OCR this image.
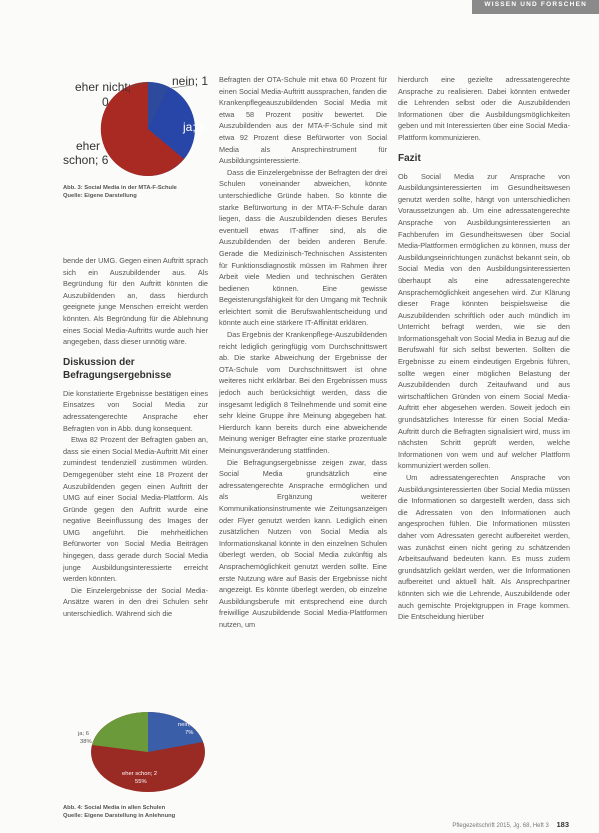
WISSEN UND FORSCHEN
eher nicht;
0
nein; 1
ja; 6
eher
schon; 6
Abb. 3: Social Media in der MTA-F-Schule
Quelle: Eigene Darstellung

bende der UMG. Gegen einen Auftritt sprach sich ein Auszubildender aus. Als Begründung für den Auftritt könnten die Auszubildenden an, dass hierdurch geeignete junge Menschen erreicht werden könnten. Als Begründung für die Ablehnung eines Social Media-Auftritts wurde auch hier angegeben, dass dieser unnötig wäre.

Diskussion der Befragungsergebnisse

Die konstatierte Ergebnisse bestätigen eines Einsatzes von Social Media zur adressatengerechte Ansprache eher Befragten von in Abb. dung konsequent.

Etwa 82 Prozent der Befragten gaben an, dass sie einen Social Media-Auftritt Mit einer zumindest tendenziell zustimmen würden. Demgegenüber steht eine 18 Prozent der Auszubildenden gegen einen Auftritt der UMG auf einer Social Media-Plattform. Als Gründe gegen den Auftritt wurde eine negative Beeinflussung des Images der UMG angeführt. Die mehrheitlichen Befürworter von Social Media Beiträgen hingegen, dass gerade durch Social Media junge Ausbildungsinteressierte erreicht werden könnten.

Die Einzelergebnisse der Social Media-Ansätze waren in den drei Schulen sehr unterschiedlich. Während sich die

nein; 1
7%
ja; 6
38%
eher schon; 2
55%
Abb. 4: Social Media in allen Schulen
Quelle: Eigene Darstellung in Anlehnung

Befragten der OTA-Schule mit etwa 60 Prozent für einen Social Media-Auftritt aussprachen, fanden die Krankenpflegeauszubildenden Social Media mit etwa 58 Prozent positiv bewertet. Die Auszubildenden aus der MTA-F-Schule sind mit etwa 92 Prozent diese Befürworter von Social Media als Ansprechinstrument für Ausbildungsinteressierte.

Dass die Einzelergebnisse der Befragten der drei Schulen voneinander abweichen, könnte unterschiedliche Gründe haben. So könnte die starke Befürwortung in der MTA-F-Schule daran liegen, dass die Auszubildenden dieses Berufes eventuell etwas IT-affiner sind, als die Auszubildenden der beiden anderen Berufe. Gerade die Medizinisch-Technischen Assistenten für Funktionsdiagnostik müssen im Rahmen ihrer Arbeit viele Medien und technischen Geräten bedienen können. Eine gewisse Begeisterungsfähigkeit für den Umgang mit Technik erleichtert somit die Berufswahlentscheidung und könnte auch eine stärkere IT-Affinität erklären.

Das Ergebnis der Krankenpflege-Auszubildenden reicht lediglich geringfügig vom Durchschnittswert ab. Die starke Abweichung der Ergebnisse der OTA-Schule vom Durchschnittswert ist ohne weiteres nicht erklärbar. Bei den Ergebnissen muss jedoch auch berücksichtigt werden, dass die insgesamt lediglich 8 Teilnehmende und somit eine sehr kleine Gruppe ihre Meinung abgegeben hat. Hierdurch kann bereits durch eine abweichende Meinung weniger Befragter eine starke prozentuale Meinungsveränderung stattfinden.

Die Befragungsergebnisse zeigen zwar, dass Social Media grundsätzlich eine adressatengerechte Ansprache ermöglichen und als Ergänzung weiterer Kommunikationsinstrumente wie Zeitungsanzeigen oder Flyer genutzt werden kann. Lediglich einen zusätzlichen Nutzen von Social Media als Informationskanal könnte in den einzelnen Schulen überlegt werden, ob Social Media zukünftig als Ansprachemöglichkeit genutzt werden sollte. Eine erste Nutzung wäre auf Basis der Ergebnisse nicht angezeigt. Es könnte überlegt werden, ob einzelne Ausbildungsberufe mit entsprechend eine durch freiwillige Auszubildende Social Media-Plattformen nutzen, um

hierdurch eine gezielte adressatengerechte Ansprache zu realisieren. Dabei könnten entweder die Lehrenden selbst oder die Auszubildenden Informationen über die Ausbildungsmöglichkeiten geben und mit Interessierten über eine Social Media-Plattform kommunizieren.

Fazit

Ob Social Media zur Ansprache von Ausbildungsinteressierten im Gesundheitswesen genutzt werden sollte, hängt von unterschiedlichen Voraussetzungen ab. Um eine adressatengerechte Ansprache von Ausbildungsinteressierten an Fachberufen im Gesundheitswesen über Social Media-Plattformen ermöglichen zu können, muss der Ausbildungseinrichtungen zunächst bekannt sein, ob Social Media von den Ausbildungsinteressierten überhaupt als eine adressatengerechte Ansprachemöglichkeit angesehen wird. Zur Klärung dieser Frage könnten beispielsweise die Auszubildenden schriftlich oder auch mündlich im Unterricht befragt werden, wie sie den Informationsgehalt von Social Media in Bezug auf die Berufswahl für sich selbst bewerten. Sollten die Ergebnisse zu einem eindeutigen Ergebnis führen, sollte wegen einer möglichen Belastung der Auszubildenden durch Zeitaufwand und aus wirtschaftlichen Gründen von einem Social Media-Auftritt eher abgesehen werden. Soweit jedoch ein grundsätzliches Interesse für einen Social Media-Auftritt durch die Befragten signalisiert wird, muss im nächsten Schritt geprüft werden, welche Informationen von wem und auf welcher Plattform kommuniziert werden sollen.

Um adressatengerechten Ansprache von Ausbildungsinteressierten über Social Media müssen die Informationen so dargestellt werden, dass sich die Adressaten von den Informationen auch angesprochen fühlen. Die Informationen müssten daher vom Adressaten gerecht aufbereitet werden, was zunächst einen nicht gering zu schätzenden Arbeitsaufwand bedeuten kann. Es muss zudem grundsätzlich geklärt werden, wer die Informationen aufbereitet und aktuell hält. Als Ansprechpartner könnten sich wie die Lehrende, Auszubildende oder auch gemischte Projektgruppen in Frage kommen. Die Entscheidung hierüber

Pflegezeitschrift 2015, Jg. 68, Heft 3 183
